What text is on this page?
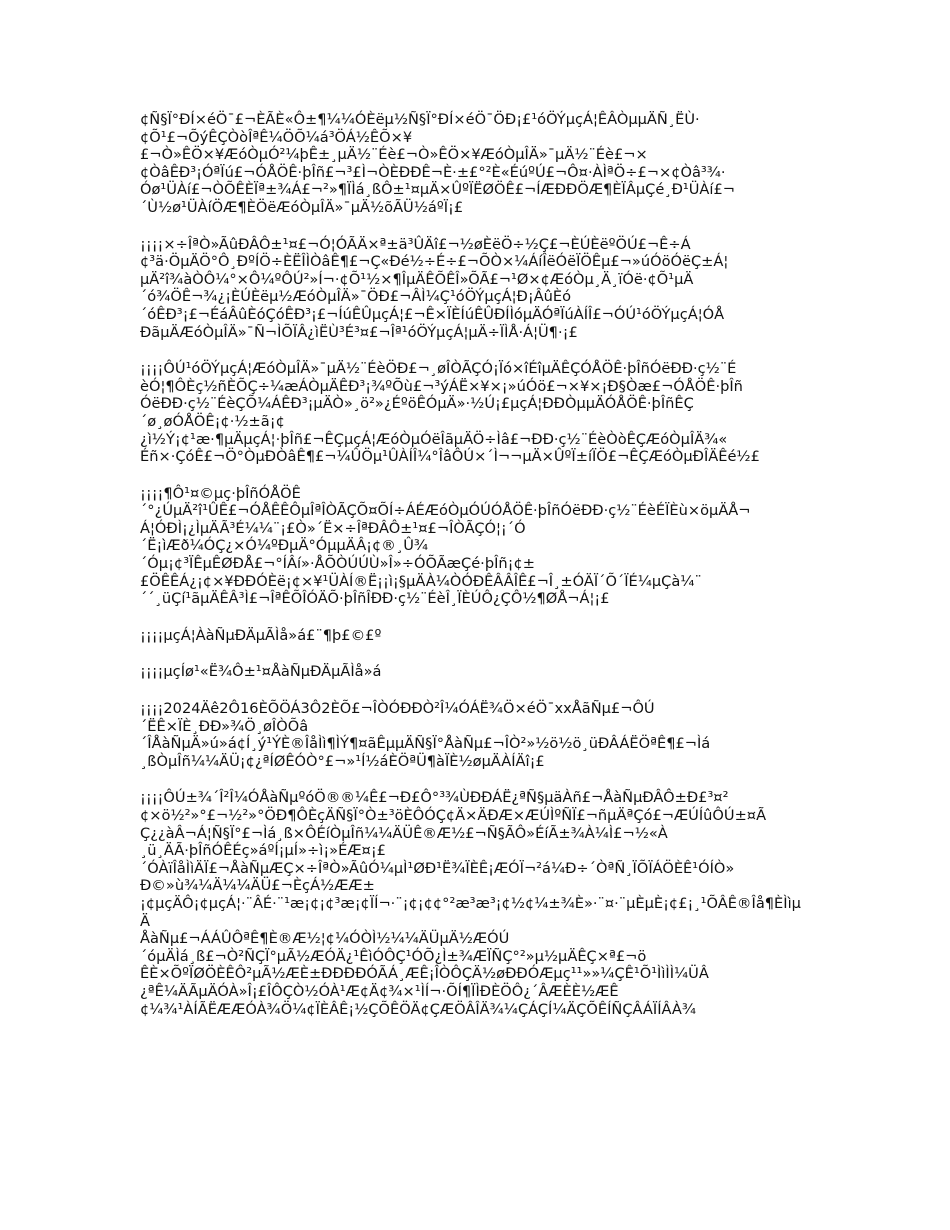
¢Ñ§Ï°ÐÍ×éÖ¯£¬ÈÃÈ«Ô±¶¼¼ÓÈëµ½Ñ§Ï°ÐÍ×éÖ¯ÖÐ¡£¹óÖÝµçÁ¦ÊÂÒµµÄÑ¸ËÙ·
¢Õ¹£¬ÕýÊÇÒòÎªÊ¼ÖÕ¼á³ÖÁ½ÊÕ×¥
£¬Ò»ÊÖ×¥ÆóÒµÓ²¼þÊ±¸µÄ½¨Éè£¬Ò»ÊÖ×¥ÆóÒµÎÄ»¯µÄ½¨Éè£¬×
¢ÒâÊÐ³¡ÓªÏú£¬ÓÅÖÊ·þÎñ£¬³£Ì¬ÒÈÐÐÊ¬È·±£°²È«ÉúºÚ£¬Ô¤·ÀÌªÖ÷£¬×¢Òâ³¾·
Óø¹ÜÀí£¬ÒÕÊÈÏª±¾Á£¬²»¶ÏÌá¸ßÔ±¹¤µÄ×ÛºÏËØÖÊ£¬ÍÆÐÐÖÆ¶ÈÏÂµÇé¸Ð¹ÜÀí£¬
´Ù½ø¹ÜÀíÖÆ¶ÈÖëÆóÒµÎÄ»¯µÄ½õÃÜ½áºÏ¡£

¡¡¡¡×÷ÎªÒ»ÃûÐÂÔ±¹¤£¬Ó¦ÓÃÄ×ª±ä³ÛÄî£¬½øÈëÖ÷½Ç£¬ÈÚÈëºÖÚ£¬Ê÷Á
¢³ä·ÖµÄÖ°Ô¸ÐºÍÖ÷ÈËÎÌÒâÊ¶£¬Ç«Ðé½÷É÷£¬ÕÒ×¼ÁíÎëÓëÏÖÊµ£¬»úÓöÓëÇ±Á¦
µÄ²î¾àÒÔ¼°×Ô¼ºÔÚ²»Í¬·¢Õ¹½×¶ÎµÄÊÕÊÎ»ÕÃ£¬¹Ø×¢ÆóÒµ¸Ä¸ïÓë·¢Õ¹µÄ
´ó¾ÖÊ¬¾¿¡ÈÚÈëµ½ÆóÒµÎÄ»¯ÖÐ£¬ÂÌ¼Ç¹óÖÝµçÁ¦Ð¡ÂûÈó
´óÊÐ³¡£¬ÉáÂûÈóÇóÊÐ³¡£¬ÍúÊÛµçÁ¦£¬Ê×ÏÈÍúÊÛÐÍÌóµÄÓªÏúÀÍÎ£¬ÓÚ¹óÖÝµçÁ¦ÓÅ
ÐãµÄÆóÒµÎÄ»¯Ñ¬ÌÕÏÂ¿ìËÙ³É³¤£¬Îª¹óÖÝµçÁ¦µÄ÷ÏÌÅ·Á¦Ü¶·¡£

¡¡¡¡ÔÚ¹óÖÝµçÁ¦ÆóÒµÎÄ»¯µÄ½¨ÉèÖÐ£¬¸øÎÒÃÇÓ¡Ïó×îÉîµÄÊÇÓÅÖÊ·þÎñÓëÐÐ·ç½¨É
èÓ¦¶ÔÈç½ñÈÕÇ÷¼æÁÒµÄÊÐ³¡¾ºÕù£¬³ýÁË×¥×¡»úÓö£¬×¥×¡Ð§Òæ£¬ÓÅÖÊ·þÎñ
ÓëÐÐ·ç½¨ÉèÇÕ¼ÁÊÐ³¡µÄÒ»¸ö²»¿ÉºöÊÓµÄ»·½Ú¡£µçÁ¦ÐÐÒµµÄÓÅÖÊ·þÎñÊÇ
´ø¸øÓÅÖÊ¡¢·½±ã¡¢
¿ì½Ý¡¢¹æ·¶µÄµçÁ¦·þÎñ£¬ÊÇµçÁ¦ÆóÒµÓëÎãµÄÖ÷Ìâ£¬ÐÐ·ç½¨ÉèÒòÊÇÆóÒµÎÄ¾«
Éñ×·ÇóÊ£¬Ö°ÒµÐÒâÊ¶£¬¼ÛÖµ¹ÛÀÍÎ¼°ÎâÔÚ×´Ì¬¬µÄ×ÛºÏ±íÏÖ£¬ÊÇÆóÒµÐÎÄÊé½£

¡¡¡¡¶Ô¹¤©µç·þÎñÓÅÖÊ
´°¿ÚµÄ²î¹ÛÊ£¬ÓÅÊÊÔµÎªÎÒÃÇÕ¤ÕÍ÷ÁÉÆóÒµÓÚÓÅÖÊ·þÎñÓëÐÐ·ç½¨ÉèÉÏÈù×öµÄÅ¬
Á¦ÓÐÌ¡¿ÌµÄÃ³É¼¼¨¡£Ò»´Ë×÷ÎªÐÂÔ±¹¤£¬ÎÒÃÇÓ¦¡´Ó
´Ë¡ìÆð¼ÓÇ¿×Ó¼ºÐµÄ°ÓµµÄÂ¡¢®¸Û¾
´Óµ¡¢³ÏÊµÊØÐÅ£¬°ÍÂí»·ÅÕÒÚÚÙ»Î»÷ÓÕÃæÇé·þÎñ¡¢±
£ÖÊÊÁ¿¡¢×¥ÐÐÓÈë¡¢×¥¹ÜÀÍ®Ë¡¡ì¡§µÄÀ¼ÒÓÐÊÂÂÎÊ£¬Î¸±ÓÄÏ´Õ´ÏÉ¼µÇà¼¨
´´¸üÇí¹ãµÄÊÂ³Ì£¬ÎªÊÕÎÓÄÕ·þÎñÎÐÐ·ç½¨ÉèÎ¸ÏÈÚÔ¿ÇÔ½¶ØÅ¬Á¦¡£

¡¡¡¡µçÁ¦ÀàÑµÐÄµÃÌå»á£¨¶þ£©£º

¡¡¡¡µçÍø¹«Ë¾Ô±¹¤ÅàÑµÐÄµÃÌå»á

¡¡¡¡2024Äê2Ô16ÈÕÖÁ3Ô2ÈÕ£¬ÎÒÓÐÐÒ²Î¼ÓÁË¾Ö×éÖ¯xxÅãÑµ£¬ÔÚ
´ËÊ×ÏÈ¸ÐÐ»¾Ö¸øÎÒÕâ
´ÎÅàÑµÄ»ú»á¢Í¸ý¹ÝÈ®ÎåÌì¶ÌÝ¶¤ãÊµµÄÑ§Ï°ÅàÑµ£¬ÎÒ²»½ö½ö¸üÐÂÁËÖªÊ¶£¬Ìá
¸ßÒµÎñ¼¼ÄÜ¡¢¿ªÍØÊÓÒ°£¬»¹Í½áÈÖªÜ¶àÏÈ½øµÄÀÍÄî¡£

¡¡¡¡ÔÚ±¾´Î²Î¼ÓÅàÑµºóÖ®®¼Ê£¬Ð£Ô°³¾ÙÐÐÁË¿ªÑ§µäÀñ£¬ÅàÑµÐÂÔ±Ð£³¤²
¢×ö½²»°£¬½²»°ÖÐ¶ÔÈçÄÑ§Ï°Ò±³öÈÔÓÇ¢Ä×ÄÐÆ×ÆÚÌºÑÏ£¬ñµÄªÇó£¬ÆÚÍûÔÚ±¤Ã
Ç¿¿àÂ¬Á¦Ñ§Ï°£¬Ìá¸ß×ÔÉíÒµÎñ¼¼ÄÜÊ®Æ½£¬Ñ§ÃÔ»ÉíÃ±¾À¼Ì£¬½«À
¸ü¸ÄÃ·þÎñÓÊÉç»áºÍ¡µÍ»÷ì¡»ÉÆ¤¡£
´ÓÀïÎåÌìÄÏ£¬ÅàÑµÆÇ×÷ÎªÒ»ÃûÓ¼µÌ¹ØÐ¹Ë¾ÏÈÊ¡ÆÓÏ¬²á¼Ð÷´ÒªÑ¸ÏÕÏÁÖÈÊ¹ÓÍÒ»
Ð©»ù¾¼Ä¼¼ÄÜ£¬ÈçÁ½ÆÆ±
¡¢µçÄÔ¡¢µçÁ¦·¨ÂÉ·¨¹æ¡¢¡¢³æ¡¢ÏÍ¬·¨¡¢¡¢¢°²æ³æ³¡¢½¢¼±¾È»·¨¤·¨µÈµÈ¡¢£¡¸¹ÕÂÊ®Îå¶ÈÌìµÄ
ÅàÑµ£¬ÁÁÛÔªÊ¶È®Æ½¦¢¼ÓÒÌ½¼¼ÄÜµÄ½ÆÓÚ
´óµÄÌá¸ß£¬Ò²ÑÇÏ°µÃ½ÆÓÄ¿¹ÊìÓÔÇ¹ÓÕ¿Ì±¾ÆÏÑÇ°²»µ½µÄÊÇ×ª£¬ö
ÊÈ×ÕºÏØÖÈÊÔ²µÃ½ÆÈ±ÐÐÐÐÓÃÁ¸ÆÊ¡ÎÒÔÇÄ½øÐÐÓÆµç¹¹»»¼ÇÊ¹Õ¹ÌìÌÌ¼ÜÂ
¿ªÊ¼ÄÃµÄÓÀ»Î¡£ÎÔÇÒ½ÓÀ¹Æ¢Ä¢¾×¹ÌÍ¬·ÕÍ¶ÏÌÐÈÖÔ¿´ÂÆÈÈ½ÆÊ
¢¼¾¹ÀÍÃËÆÆÓÀ¾Ö¼¢ÏÈÂÊ¡½ÇÕÊÖÄ¢ÇÆÖÂÎÄ¾¼ÇÁÇÍ¼ÄÇÕÊÍÑÇÂÁÏÍÂÀ¾
